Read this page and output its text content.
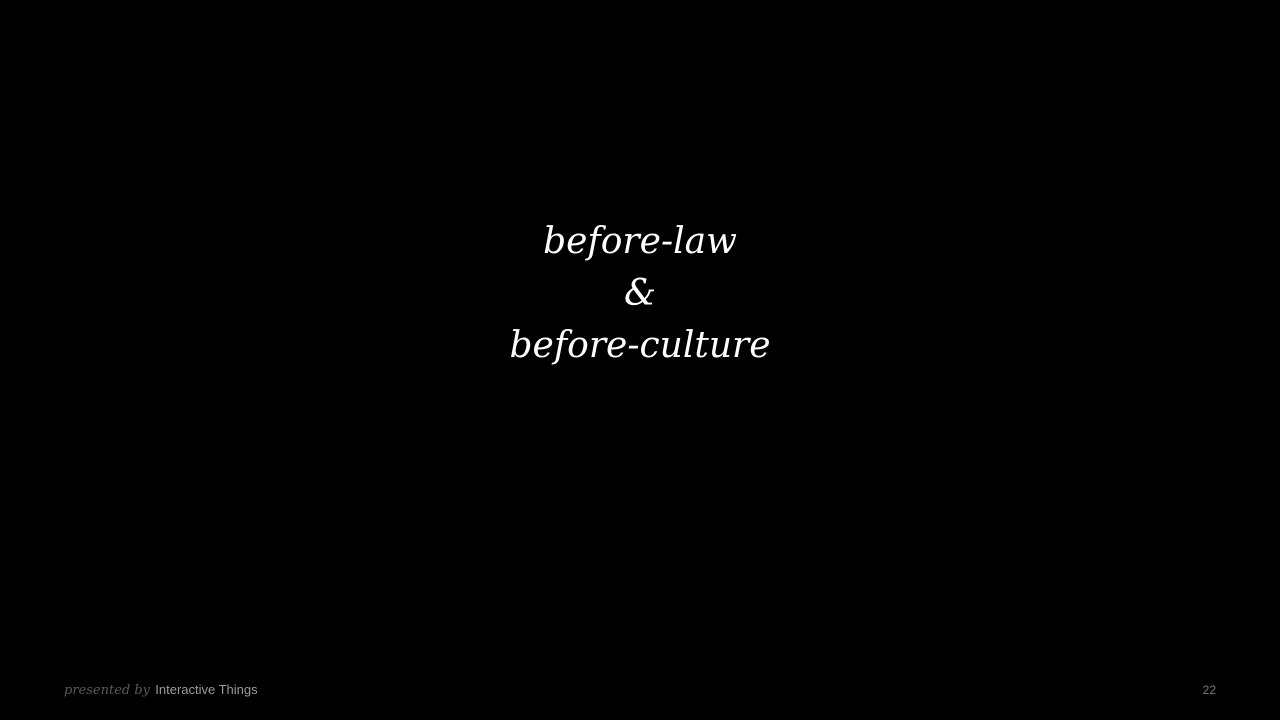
before-law
&
before-culture
presented by Interactive Things	22
